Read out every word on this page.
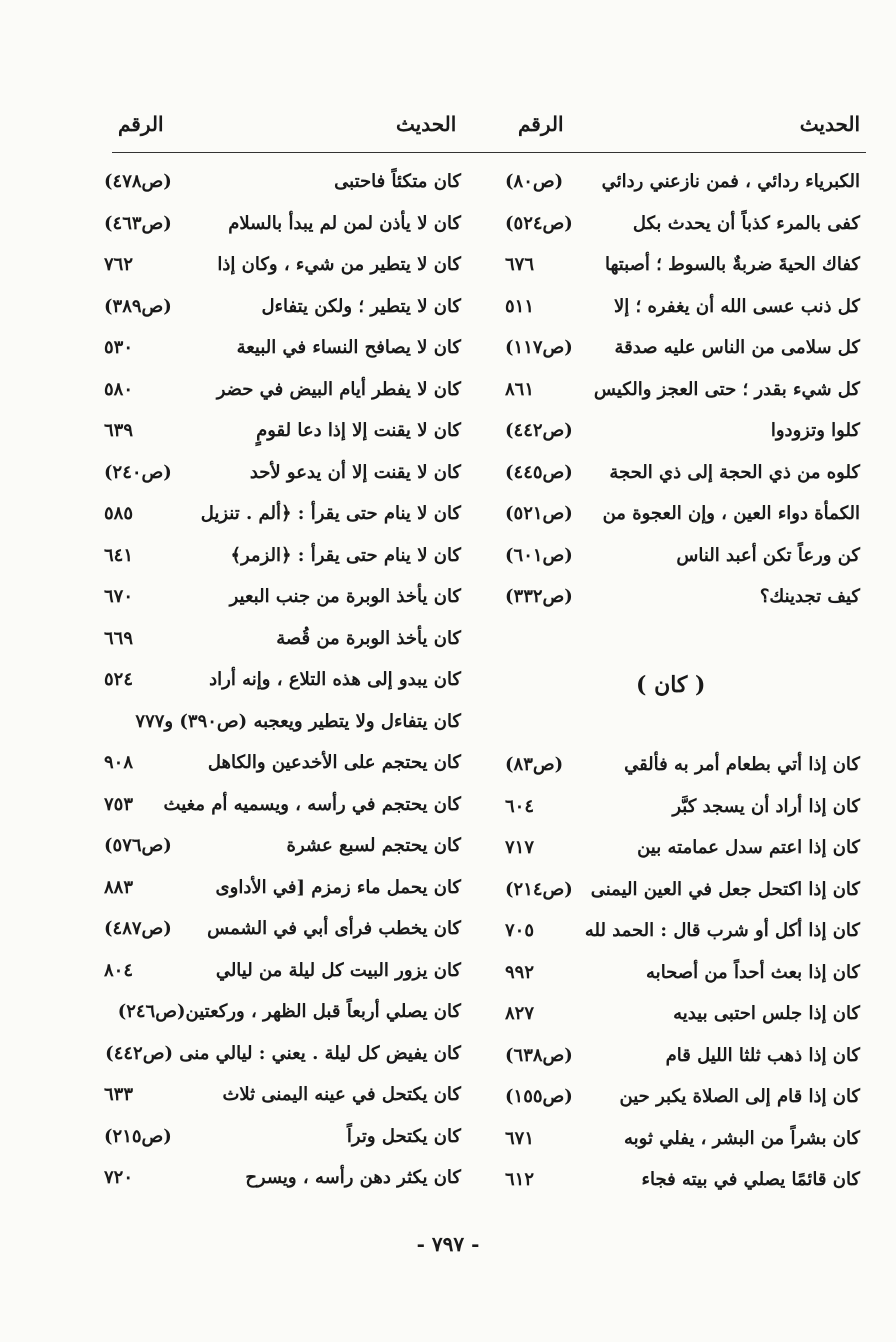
الحديث
الرقم
الحديث
الرقم
الكبرياء ردائي ، فمن نازعني ردائي
(ص٨٠)
كفى بالمرء كذباً أن يحدث بكل
(ص٥٢٤)
كفاك الحيةَ ضربةٌ بالسوط ؛ أصبتها
٦٧٦
كل ذنب عسى الله أن يغفره ؛ إلا
٥١١
كل سلامى من الناس عليه صدقة
(ص١١٧)
كل شيء بقدر ؛ حتى العجز والكيس
٨٦١
كلوا وتزودوا
(ص٤٤٢)
كلوه من ذي الحجة إلى ذي الحجة
(ص٤٤٥)
الكمأة دواء العين ، وإن العجوة من
(ص٥٢١)
كن ورعاً تكن أعبد الناس
(ص٦٠١)
كيف تجدينك؟
(ص٣٣٢)
( كان )
كان إذا أتي بطعام أمر به فألقي
(ص٨٣)
كان إذا أراد أن يسجد كبَّر
٦٠٤
كان إذا اعتم سدل عمامته بين
٧١٧
كان إذا اكتحل جعل في العين اليمنى
(ص٢١٤)
كان إذا أكل أو شرب قال : الحمد لله
٧٠٥
كان إذا بعث أحداً من أصحابه
٩٩٢
كان إذا جلس احتبى بيديه
٨٢٧
كان إذا ذهب ثلثا الليل قام
(ص٦٣٨)
كان إذا قام إلى الصلاة يكبر حين
(ص١٥٥)
كان بشراً من البشر ، يفلي ثوبه
٦٧١
كان قائمًا يصلي في بيته فجاء
٦١٢
كان متكئاً فاحتبى
(ص٤٧٨)
كان لا يأذن لمن لم يبدأ بالسلام
(ص٤٦٣)
كان لا يتطير من شيء ، وكان إذا
٧٦٢
كان لا يتطير ؛ ولكن يتفاءل
(ص٣٨٩)
كان لا يصافح النساء في البيعة
٥٣٠
كان لا يفطر أيام البيض في حضر
٥٨٠
كان لا يقنت إلا إذا دعا لقومٍ
٦٣٩
كان لا يقنت إلا أن يدعو لأحد
(ص٢٤٠)
كان لا ينام حتى يقرأ : ﴿ألم . تنزيل
٥٨٥
كان لا ينام حتى يقرأ : ﴿الزمر﴾
٦٤١
كان يأخذ الوبرة من جنب البعير
٦٧٠
كان يأخذ الوبرة من قُصة
٦٦٩
كان يبدو إلى هذه التلاع ، وإنه أراد
٥٢٤
كان يتفاءل ولا يتطير ويعجبه (ص٣٩٠) و٧٧٧
كان يحتجم على الأخدعين والكاهل
٩٠٨
كان يحتجم في رأسه ، ويسميه أم مغيث
٧٥٣
كان يحتجم لسبع عشرة
(ص٥٧٦)
كان يحمل ماء زمزم [في الأداوى
٨٨٣
كان يخطب فرأى أبي في الشمس
(ص٤٨٧)
كان يزور البيت كل ليلة من ليالي
٨٠٤
كان يصلي أربعاً قبل الظهر ، وركعتين(ص٢٤٦)
كان يفيض كل ليلة . يعني : ليالي منى (ص٤٤٢)
كان يكتحل في عينه اليمنى ثلاث
٦٣٣
كان يكتحل وتراً
(ص٢١٥)
كان يكثر دهن رأسه ، ويسرح
٧٢٠
- ٧٩٧ -
